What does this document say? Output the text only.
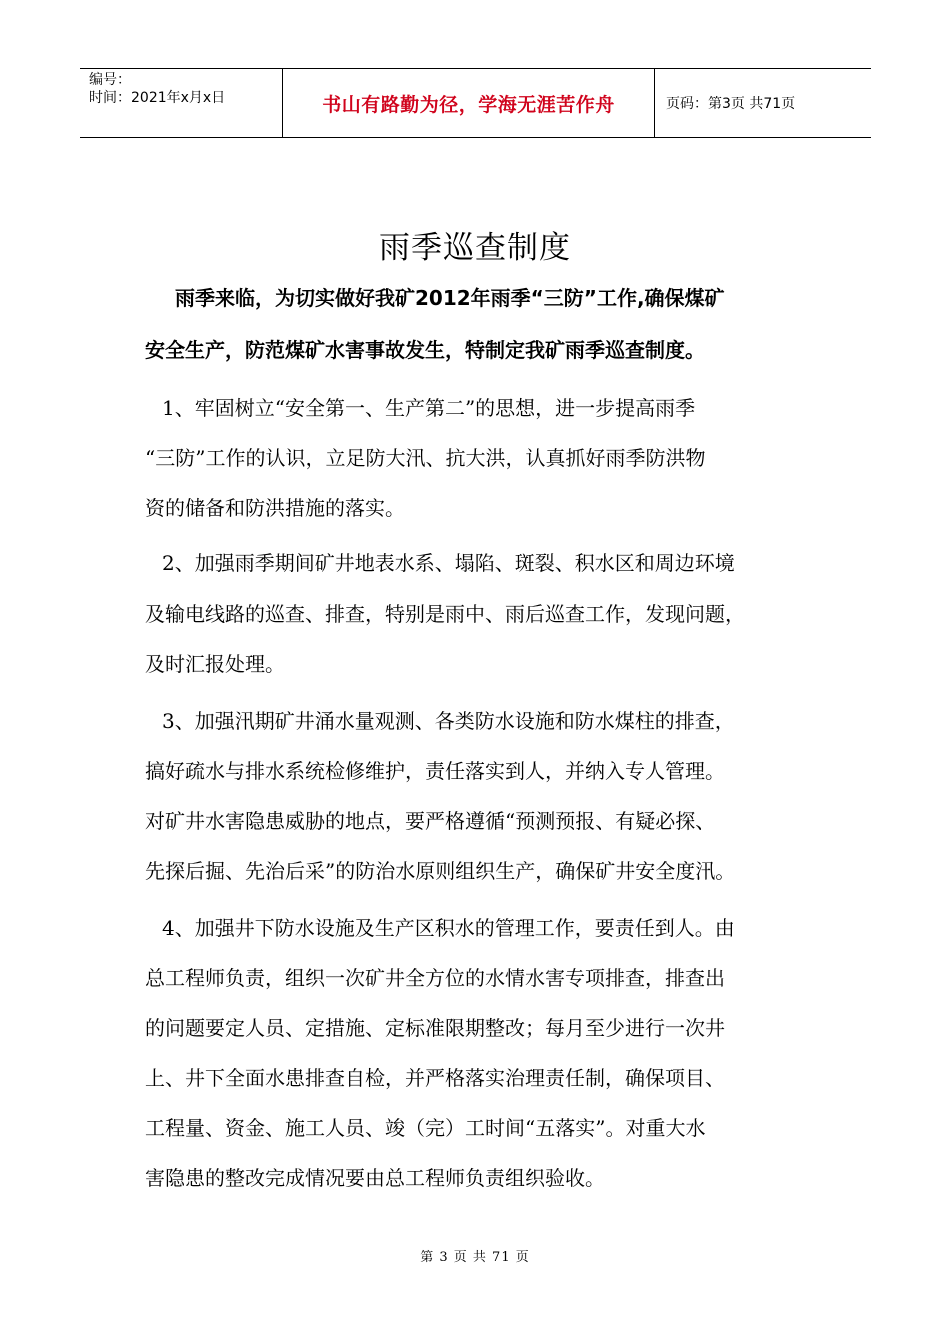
编号：
时间：2021年x月x日	书山有路勤为径，学海无涯苦作舟	页码：第3页 共71页
雨季巡查制度
雨季来临，为切实做好我矿2012年雨季“三防”工作,确保煤矿
安全生产，防范煤矿水害事故发生，特制定我矿雨季巡查制度。
1、牢固树立“安全第一、生产第二”的思想，进一步提高雨季
“三防”工作的认识，立足防大汛、抗大洪，认真抓好雨季防洪物
资的储备和防洪措施的落实。
2、加强雨季期间矿井地表水系、塌陷、斑裂、积水区和周边环境
及输电线路的巡查、排查，特别是雨中、雨后巡查工作，发现问题，
及时汇报处理。
3、加强汛期矿井涌水量观测、各类防水设施和防水煤柱的排查，
搞好疏水与排水系统检修维护，责任落实到人，并纳入专人管理。
对矿井水害隐患威胁的地点，要严格遵循“预测预报、有疑必探、
先探后掘、先治后采”的防治水原则组织生产，确保矿井安全度汛。
4、加强井下防水设施及生产区积水的管理工作，要责任到人。由
总工程师负责，组织一次矿井全方位的水情水害专项排查，排查出
的问题要定人员、定措施、定标准限期整改；每月至少进行一次井
上、井下全面水患排查自检，并严格落实治理责任制，确保项目、
工程量、资金、施工人员、竣（完）工时间“五落实”。对重大水
害隐患的整改完成情况要由总工程师负责组织验收。
第 3 页 共 71 页
